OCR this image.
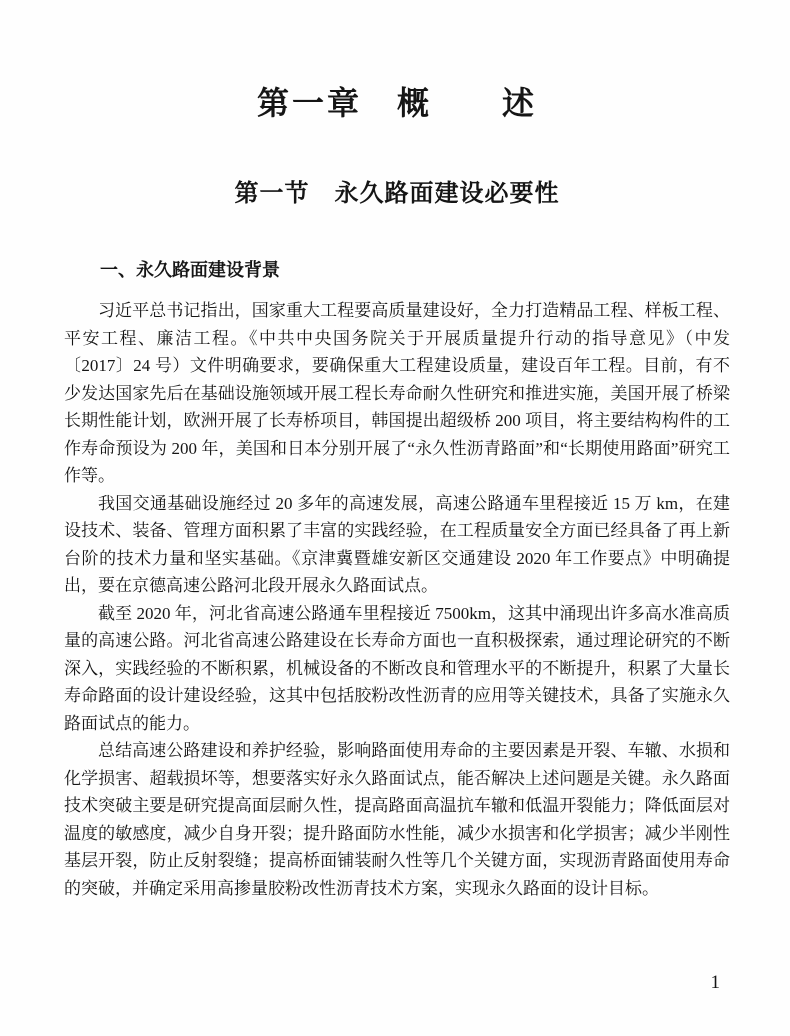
第一章　概　　述
第一节　永久路面建设必要性
一、永久路面建设背景

习近平总书记指出，国家重大工程要高质量建设好，全力打造精品工程、样板工程、平安工程、廉洁工程。《中共中央国务院关于开展质量提升行动的指导意见》（中发〔2017〕24 号）文件明确要求，要确保重大工程建设质量，建设百年工程。目前，有不少发达国家先后在基础设施领域开展工程长寿命耐久性研究和推进实施，美国开展了桥梁长期性能计划，欧洲开展了长寿桥项目，韩国提出超级桥 200 项目，将主要结构构件的工作寿命预设为 200 年，美国和日本分别开展了“永久性沥青路面”和“长期使用路面”研究工作等。

我国交通基础设施经过 20 多年的高速发展，高速公路通车里程接近 15 万 km，在建设技术、装备、管理方面积累了丰富的实践经验，在工程质量安全方面已经具备了再上新台阶的技术力量和坚实基础。《京津冀暨雄安新区交通建设 2020 年工作要点》中明确提出，要在京德高速公路河北段开展永久路面试点。

截至 2020 年，河北省高速公路通车里程接近 7500km，这其中涌现出许多高水准高质量的高速公路。河北省高速公路建设在长寿命方面也一直积极探索，通过理论研究的不断深入，实践经验的不断积累，机械设备的不断改良和管理水平的不断提升，积累了大量长寿命路面的设计建设经验，这其中包括胶粉改性沥青的应用等关键技术，具备了实施永久路面试点的能力。

总结高速公路建设和养护经验，影响路面使用寿命的主要因素是开裂、车辙、水损和化学损害、超载损坏等，想要落实好永久路面试点，能否解决上述问题是关键。永久路面技术突破主要是研究提高面层耐久性，提高路面高温抗车辙和低温开裂能力；降低面层对温度的敏感度，减少自身开裂；提升路面防水性能，减少水损害和化学损害；减少半刚性基层开裂，防止反射裂缝；提高桥面铺装耐久性等几个关键方面，实现沥青路面使用寿命的突破，并确定采用高掺量胶粉改性沥青技术方案，实现永久路面的设计目标。

1
